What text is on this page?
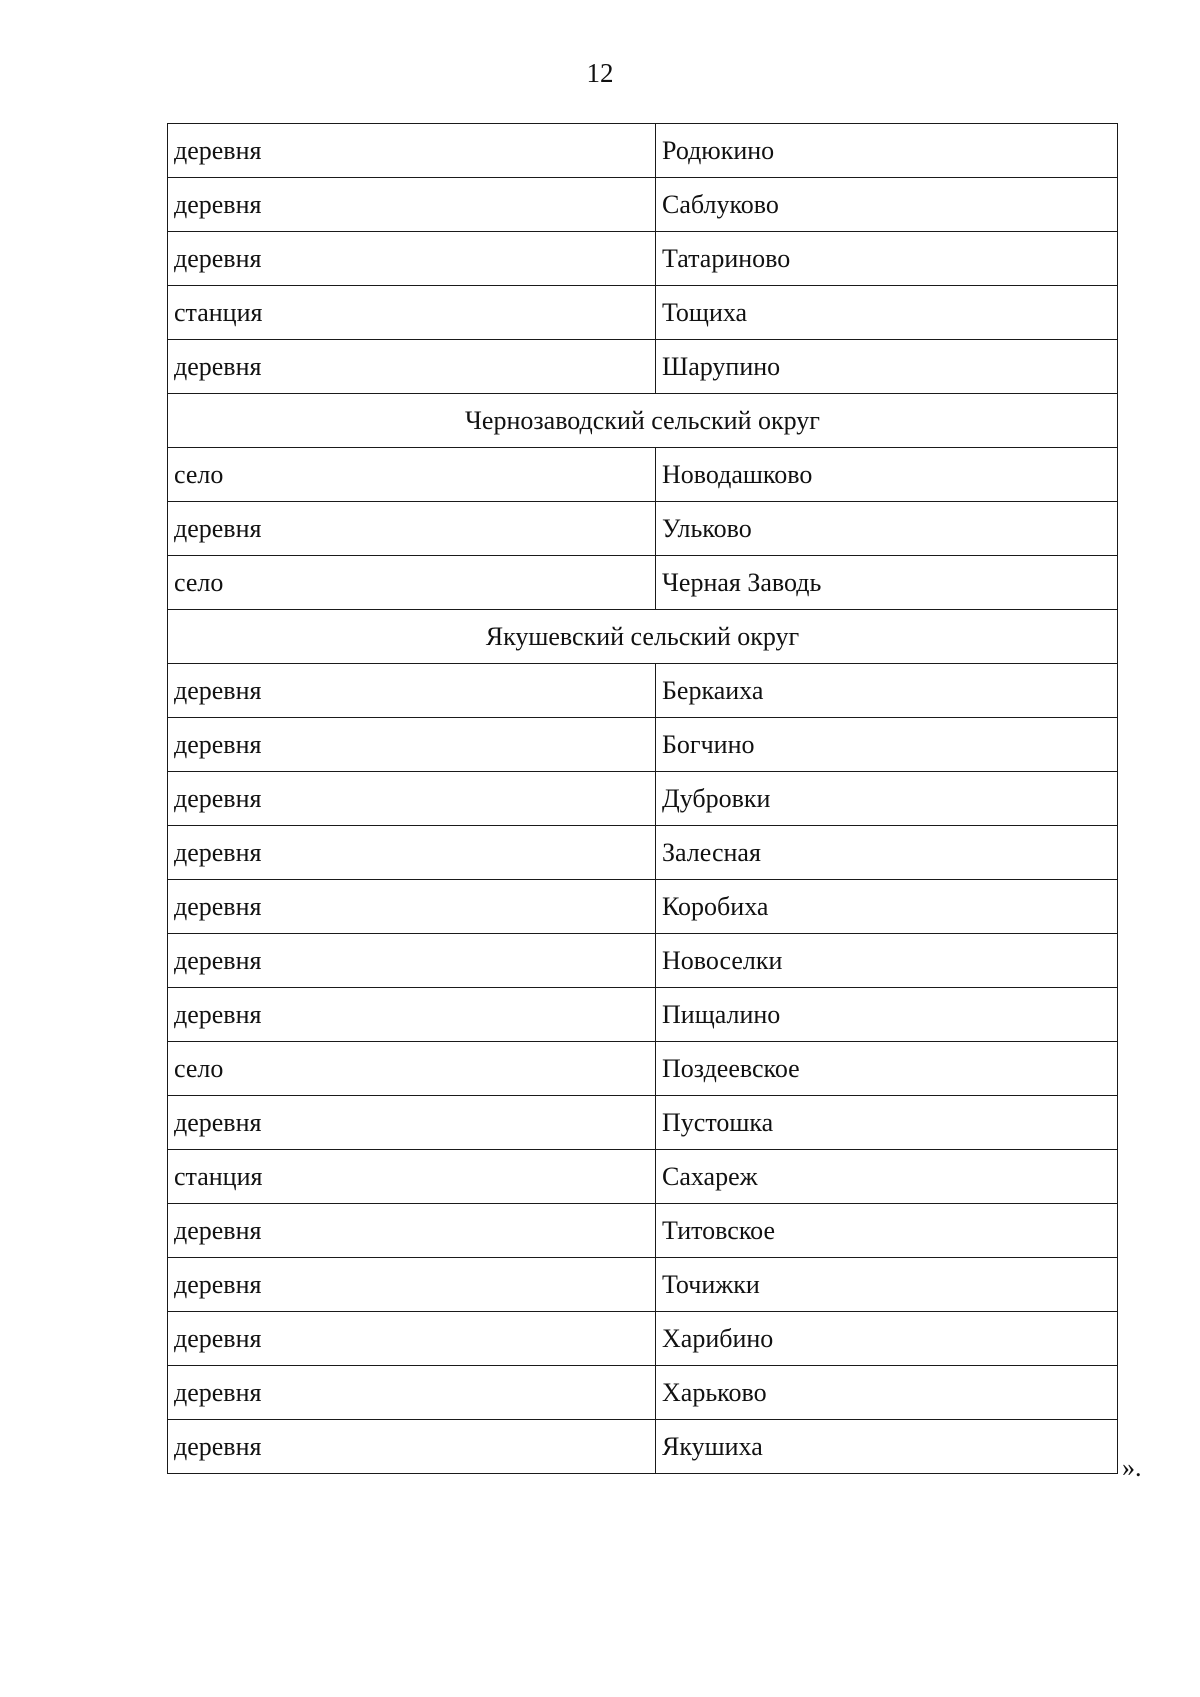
12
деревня	Родюкино
деревня	Саблуково
деревня	Татариново
станция	Тощиха
деревня	Шарупино
Чернозаводский сельский округ	
село	Новодашково
деревня	Ульково
село	Черная Заводь
Якушевский сельский округ	
деревня	Беркаиха
деревня	Богчино
деревня	Дубровки
деревня	Залесная
деревня	Коробиха
деревня	Новоселки
деревня	Пищалино
село	Поздеевское
деревня	Пустошка
станция	Сахареж
деревня	Титовское
деревня	Точижки
деревня	Харибино
деревня	Харьково
деревня	Якушиха
».
